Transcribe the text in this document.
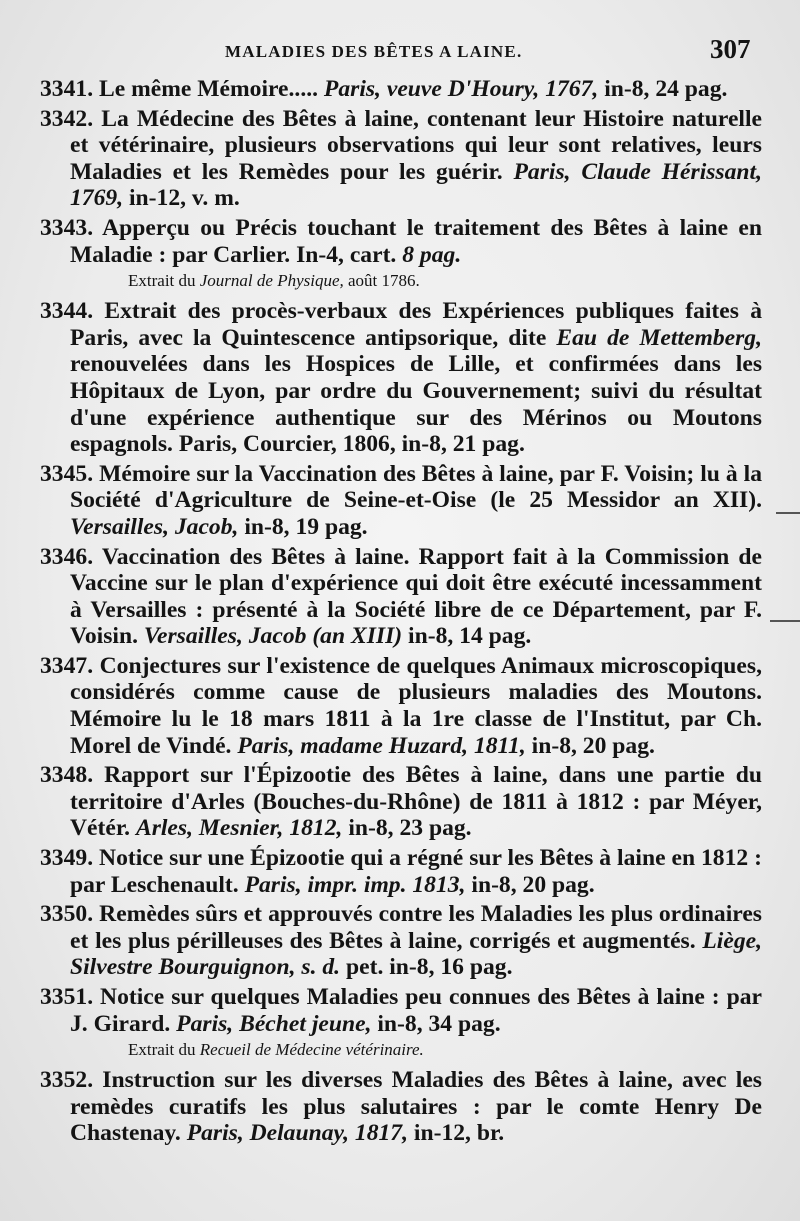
MALADIES DES BÊTES A LAINE.	307

3341. Le même Mémoire..... Paris, veuve D'Houry, 1767, in-8, 24 pag.

3342. La Médecine des Bêtes à laine, contenant leur Histoire naturelle et vétérinaire, plusieurs observations qui leur sont relatives, leurs Maladies et les Remèdes pour les guérir. Paris, Claude Hérissant, 1769, in-12, v. m.

3343. Apperçu ou Précis touchant le traitement des Bêtes à laine en Maladie : par Carlier. In-4, cart. 8 pag.
Extrait du Journal de Physique, août 1786.

3344. Extrait des procès-verbaux des Expériences publiques faites à Paris, avec la Quintescence antipsorique, dite Eau de Mettemberg, renouvelées dans les Hospices de Lille, et confirmées dans les Hôpitaux de Lyon, par ordre du Gouvernement; suivi du résultat d'une expérience authentique sur des Mérinos ou Moutons espagnols. Paris, Courcier, 1806, in-8, 21 pag.

3345. Mémoire sur la Vaccination des Bêtes à laine, par F. Voisin; lu à la Société d'Agriculture de Seine-et-Oise (le 25 Messidor an XII). Versailles, Jacob, in-8, 19 pag.

3346. Vaccination des Bêtes à laine. Rapport fait à la Commission de Vaccine sur le plan d'expérience qui doit être exécuté incessamment à Versailles : présenté à la Société libre de ce Département, par F. Voisin. Versailles, Jacob (an XIII) in-8, 14 pag.

3347. Conjectures sur l'existence de quelques Animaux microscopiques, considérés comme cause de plusieurs maladies des Moutons. Mémoire lu le 18 mars 1811 à la 1re classe de l'Institut, par Ch. Morel de Vindé. Paris, madame Huzard, 1811, in-8, 20 pag.

3348. Rapport sur l'Épizootie des Bêtes à laine, dans une partie du territoire d'Arles (Bouches-du-Rhône) de 1811 à 1812 : par Méyer, Vétér. Arles, Mesnier, 1812, in-8, 23 pag.

3349. Notice sur une Épizootie qui a régné sur les Bêtes à laine en 1812 : par Leschenault. Paris, impr. imp. 1813, in-8, 20 pag.

3350. Remèdes sûrs et approuvés contre les Maladies les plus ordinaires et les plus périlleuses des Bêtes à laine, corrigés et augmentés. Liège, Silvestre Bourguignon, s. d. pet. in-8, 16 pag.

3351. Notice sur quelques Maladies peu connues des Bêtes à laine : par J. Girard. Paris, Béchet jeune, in-8, 34 pag.
Extrait du Recueil de Médecine vétérinaire.

3352. Instruction sur les diverses Maladies des Bêtes à laine, avec les remèdes curatifs les plus salutaires : par le comte Henry De Chastenay. Paris, Delaunay, 1817, in-12, br.
